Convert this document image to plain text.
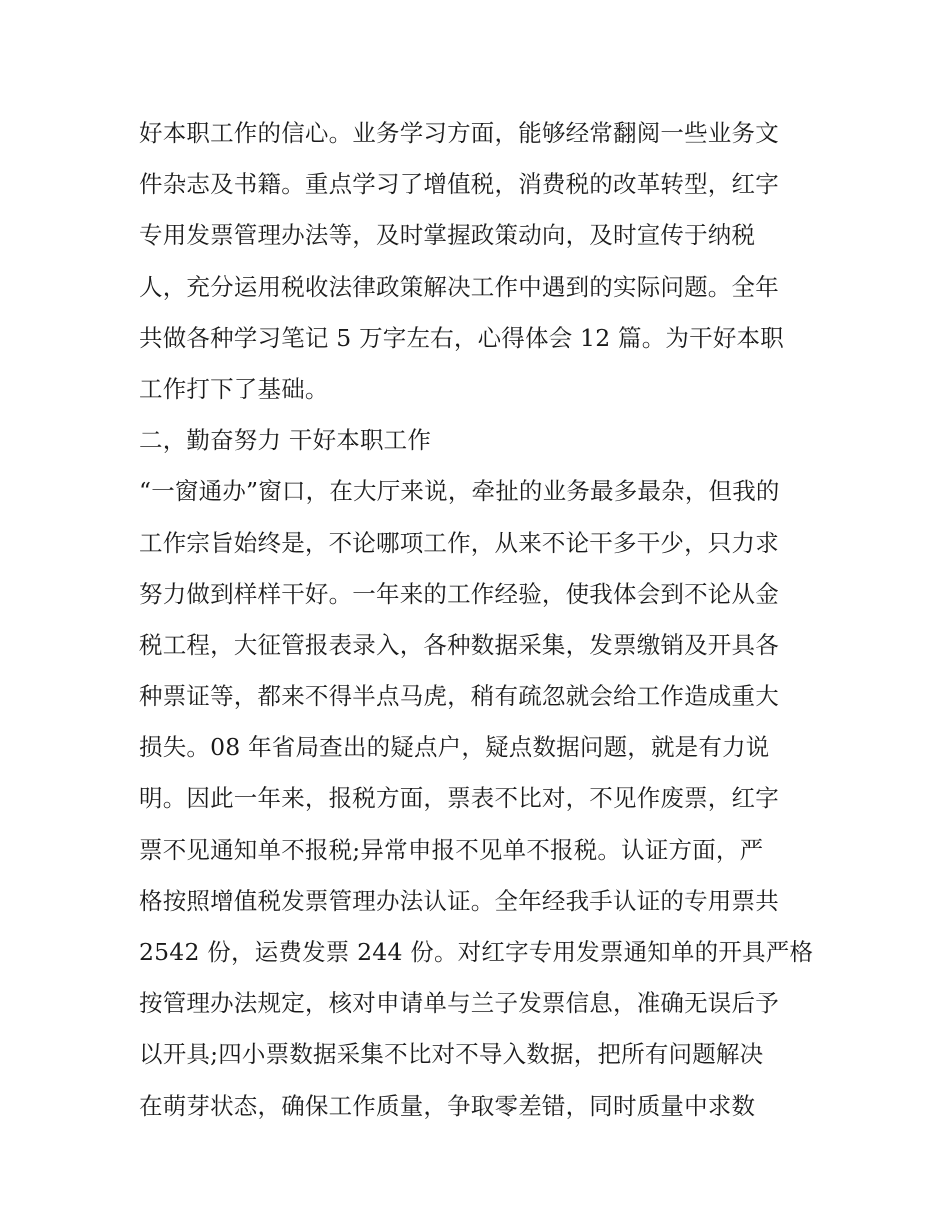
好本职工作的信心。业务学习方面，能够经常翻阅一些业务文
件杂志及书籍。重点学习了增值税，消费税的改革转型，红字
专用发票管理办法等，及时掌握政策动向，及时宣传于纳税
人，充分运用税收法律政策解决工作中遇到的实际问题。全年
共做各种学习笔记 5 万字左右，心得体会 12 篇。为干好本职
工作打下了基础。
二，勤奋努力 干好本职工作
“一窗通办”窗口，在大厅来说，牵扯的业务最多最杂，但我的
工作宗旨始终是，不论哪项工作，从来不论干多干少，只力求
努力做到样样干好。一年来的工作经验，使我体会到不论从金
税工程，大征管报表录入，各种数据采集，发票缴销及开具各
种票证等，都来不得半点马虎，稍有疏忽就会给工作造成重大
损失。08 年省局查出的疑点户，疑点数据问题，就是有力说
明。因此一年来，报税方面，票表不比对，不见作废票，红字
票不见通知单不报税;异常申报不见单不报税。认证方面，严
格按照增值税发票管理办法认证。全年经我手认证的专用票共
2542 份，运费发票 244 份。对红字专用发票通知单的开具严格
按管理办法规定，核对申请单与兰子发票信息，准确无误后予
以开具;四小票数据采集不比对不导入数据，把所有问题解决
在萌芽状态，确保工作质量，争取零差错，同时质量中求数
